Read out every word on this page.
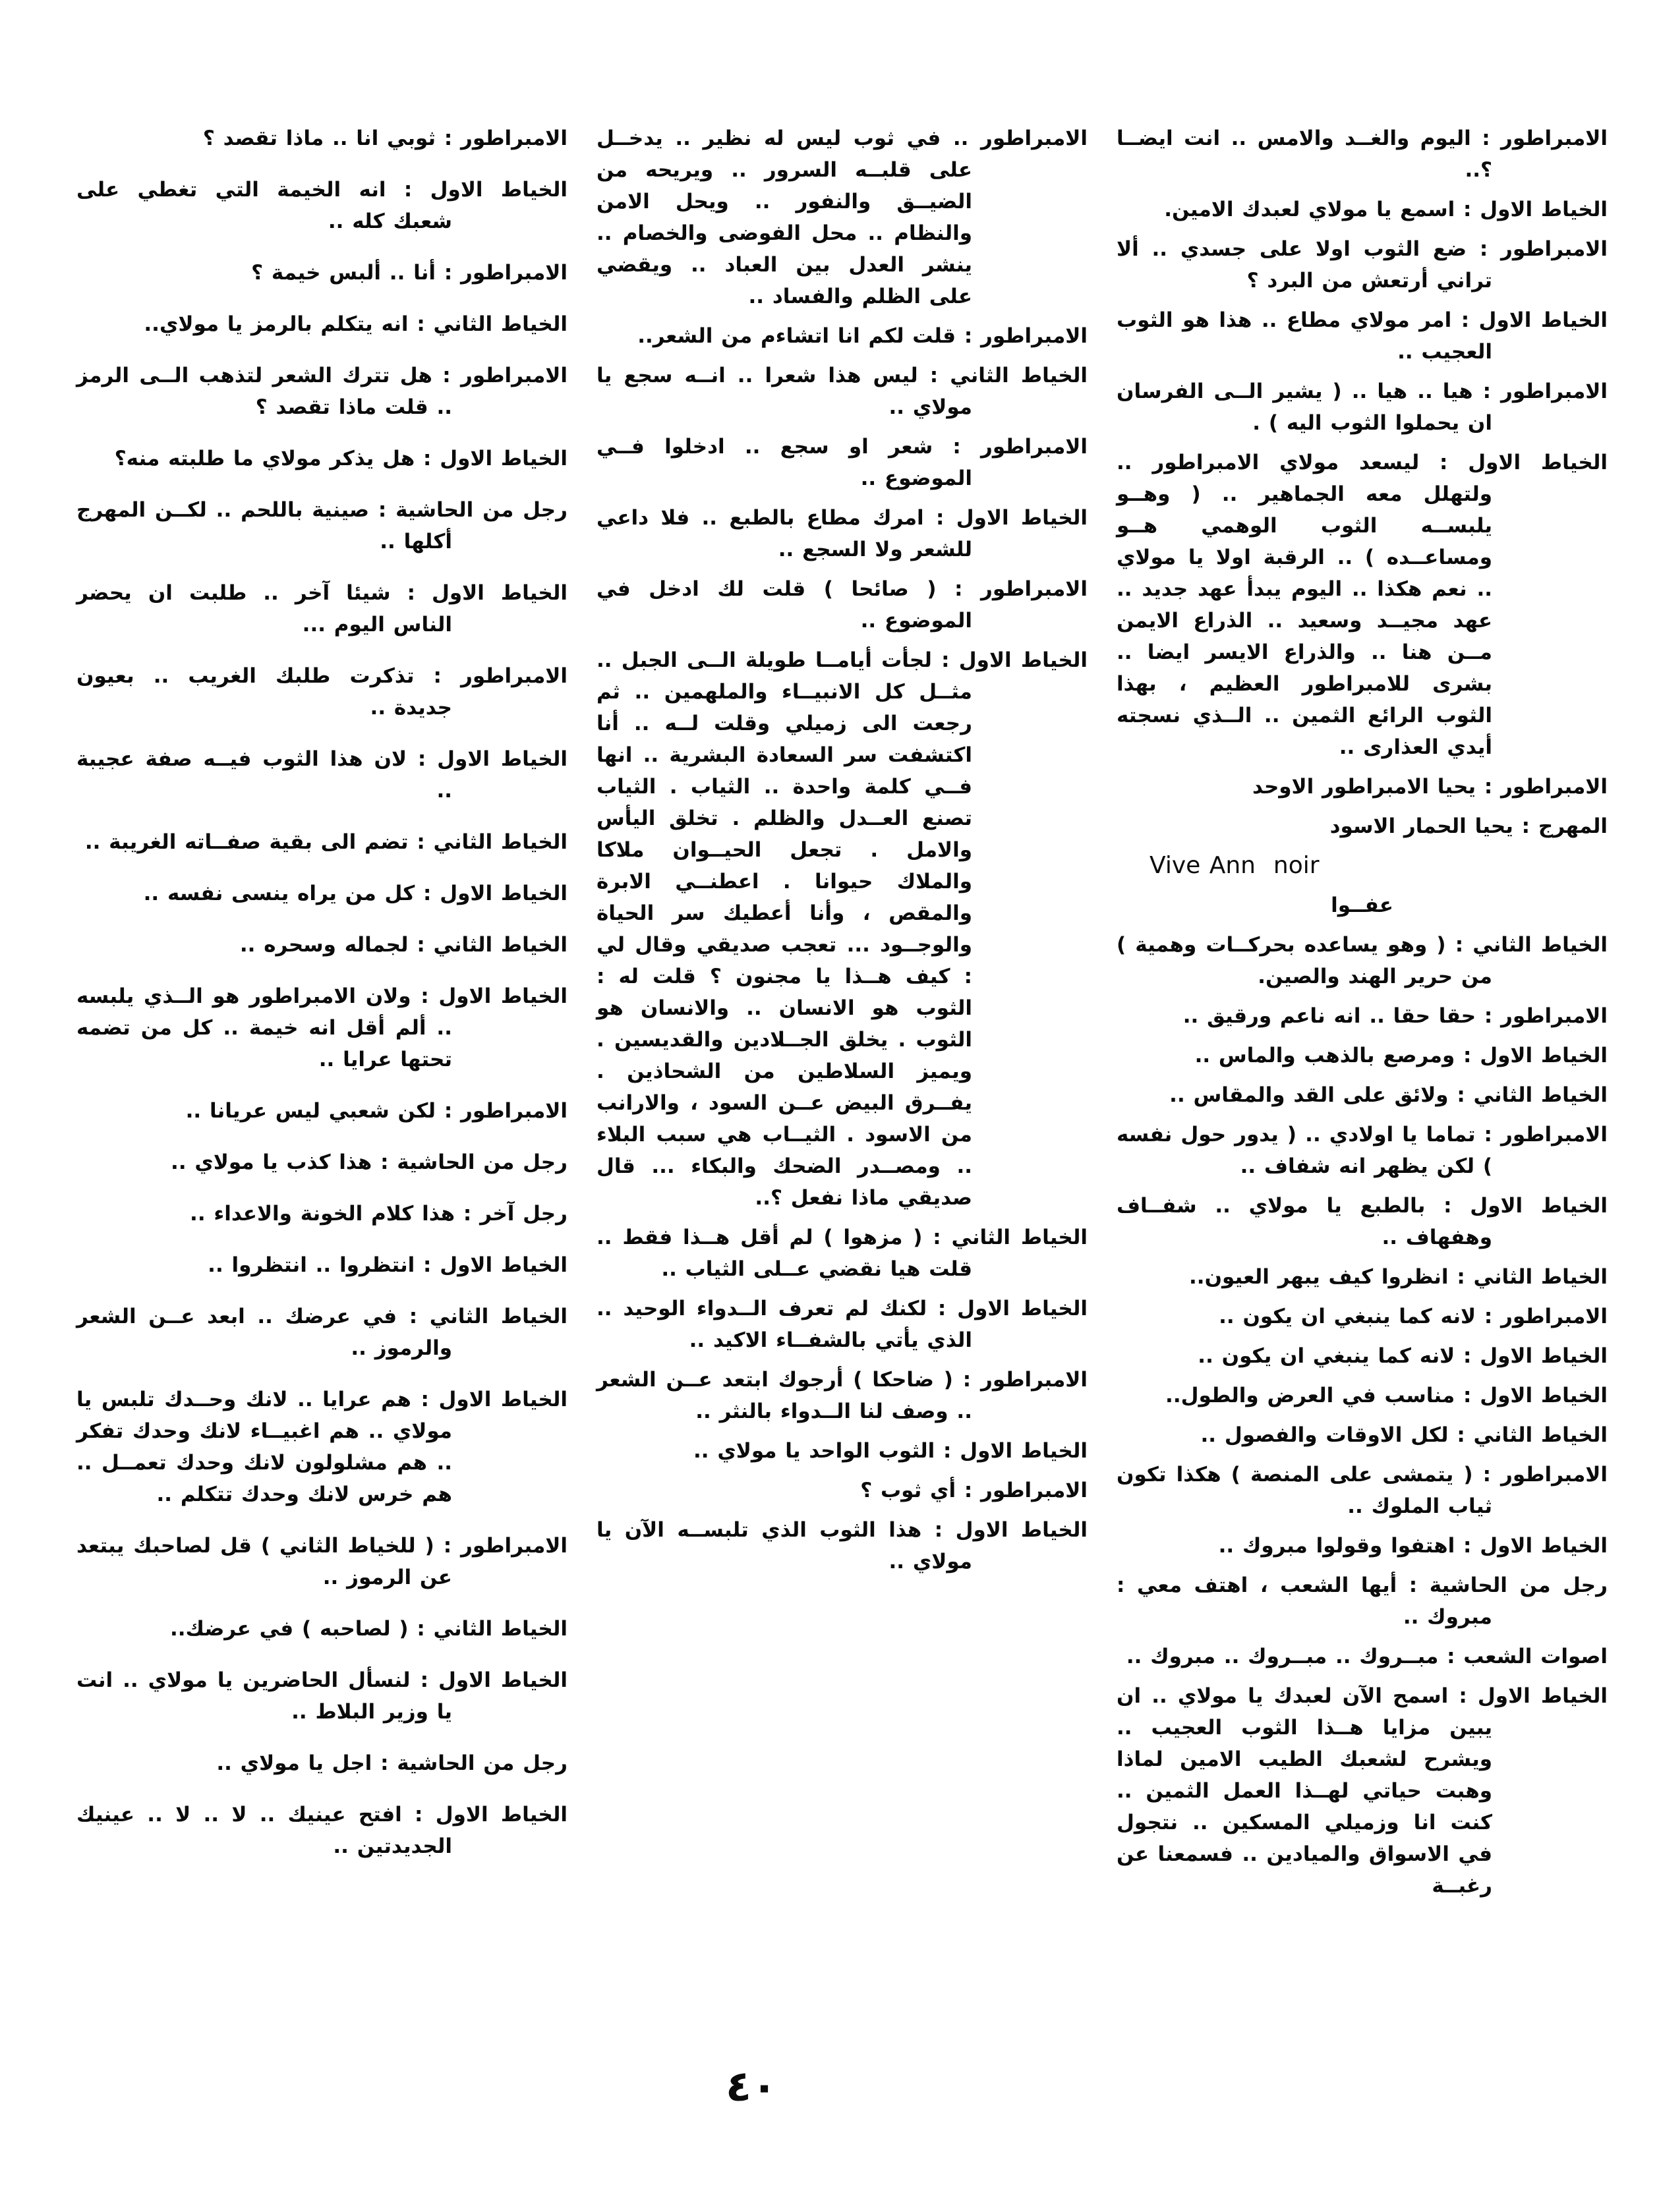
الامبراطور : اليوم والغــد والامس .. انت ايضــا ؟..

الخياط الاول : اسمع يا مولاي لعبدك الامين.

الامبراطور : ضع الثوب اولا على جسدي .. ألا تراني أرتعش من البرد ؟

الخياط الاول : امر مولاي مطاع .. هذا هو الثوب العجيب ..

الامبراطور : هيا .. هيا .. ( يشير الــى الفرسان ان يحملوا الثوب اليه ) .

الخياط الاول : ليسعد مولاي الامبراطور .. ولتهلل معه الجماهير .. ( وهــو يلبســه الثوب الوهمي هــو ومساعــده ) .. الرقبة اولا يا مولاي .. نعم هكذا .. اليوم يبدأ عهد جديد .. عهد مجيــد وسعيد .. الذراع الايمن مــن هنا .. والذراع الايسر ايضا .. بشرى للامبراطور العظيم ، بهذا الثوب الرائع الثمين .. الــذي نسجته أيدي العذارى ..

الامبراطور : يحيا الامبراطور الاوحد

المهرج : يحيا الحمار الاسود

Vive Ann  noir

عفــوا

الخياط الثاني : ( وهو يساعده بحركــات وهمية ) من حرير الهند والصين.

الامبراطور : حقا حقا .. انه ناعم ورقيق ..

الخياط الاول : ومرصع بالذهب والماس ..

الخياط الثاني : ولائق على القد والمقاس ..

الامبراطور : تماما يا اولادي .. ( يدور حول نفسه ) لكن يظهر انه شفاف ..

الخياط الاول : بالطبع يا مولاي .. شفــاف وهفهاف ..

الخياط الثاني : انظروا كيف يبهر العيون..

الامبراطور : لانه كما ينبغي ان يكون ..

الخياط الاول : لانه كما ينبغي ان يكون ..

الخياط الاول : مناسب في العرض والطول..

الخياط الثاني : لكل الاوقات والفصول ..

الامبراطور : ( يتمشى على المنصة ) هكذا تكون ثياب الملوك ..

الخياط الاول : اهتفوا وقولوا مبروك ..

رجل من الحاشية : أيها الشعب ، اهتف معي : مبروك ..

اصوات الشعب : مبــروك .. مبــروك .. مبروك ..

الخياط الاول : اسمح الآن لعبدك يا مولاي .. ان يبين مزايا هــذا الثوب العجيب .. ويشرح لشعبك الطيب الامين لماذا وهبت حياتي لهــذا العمل الثمين .. كنت انا وزميلي المسكين .. نتجول في الاسواق والميادين .. فسمعنا عن رغبــة

الامبراطور .. في ثوب ليس له نظير .. يدخــل على قلبــه السرور .. ويريحه من الضيــق والنفور .. ويحل الامن والنظام .. محل الفوضى والخصام .. ينشر العدل بين العباد .. ويقضي على الظلم والفساد ..

الامبراطور : قلت لكم انا اتشاءم من الشعر..

الخياط الثاني : ليس هذا شعرا .. انــه سجع يا مولاي ..

الامبراطور : شعر او سجع .. ادخلوا فــي الموضوع ..

الخياط الاول : امرك مطاع بالطبع .. فلا داعي للشعر ولا السجع ..

الامبراطور : ( صائحا ) قلت لك ادخل في الموضوع ..

الخياط الاول : لجأت أيامــا طويلة الــى الجبل .. مثــل كل الانبيــاء والملهمين .. ثم رجعت الى زميلي وقلت لــه .. أنا اكتشفت سر السعادة البشرية .. انها فــي كلمة واحدة .. الثياب . الثياب تصنع العــدل والظلم . تخلق اليأس والامل . تجعل الحيــوان ملاكا والملاك حيوانا . اعطنــي الابرة والمقص ، وأنا أعطيك سر الحياة والوجــود ... تعجب صديقي وقال لي : كيف هــذا يا مجنون ؟ قلت له : الثوب هو الانسان .. والانسان هو الثوب . يخلق الجــلادين والقديسين . ويميز السلاطين من الشحاذين . يفــرق البيض عــن السود ، والارانب من الاسود . الثيــاب هي سبب البلاء .. ومصــدر الضحك والبكاء ... قال صديقي ماذا نفعل ؟..

الخياط الثاني : ( مزهوا ) لم أقل هــذا فقط .. قلت هيا نقضي عــلى الثياب ..

الخياط الاول : لكنك لم تعرف الــدواء الوحيد .. الذي يأتي بالشفــاء الاكيد ..

الامبراطور : ( ضاحكا ) أرجوك ابتعد عــن الشعر .. وصف لنا الــدواء بالنثر ..

الخياط الاول : الثوب الواحد يا مولاي ..

الامبراطور : أي ثوب ؟

الخياط الاول : هذا الثوب الذي تلبســه الآن يا مولاي ..

الامبراطور : ثوبي انا .. ماذا تقصد ؟

الخياط الاول : انه الخيمة التي تغطي على شعبك كله ..

الامبراطور : أنا .. ألبس خيمة ؟

الخياط الثاني : انه يتكلم بالرمز يا مولاي..

الامبراطور : هل تترك الشعر لتذهب الــى الرمز .. قلت ماذا تقصد ؟

الخياط الاول : هل يذكر مولاي ما طلبته منه؟

رجل من الحاشية : صينية باللحم .. لكــن المهرج أكلها ..

الخياط الاول : شيئا آخر .. طلبت ان يحضر الناس اليوم ...

الامبراطور : تذكرت طلبك الغريب .. بعيون جديدة ..

الخياط الاول : لان هذا الثوب فيــه صفة عجيبة ..

الخياط الثاني : تضم الى بقية صفــاته الغريبة ..

الخياط الاول : كل من يراه ينسى نفسه ..

الخياط الثاني : لجماله وسحره ..

الخياط الاول : ولان الامبراطور هو الــذي يلبسه .. ألم أقل انه خيمة .. كل من تضمه تحتها عرايا ..

الامبراطور : لكن شعبي ليس عريانا ..

رجل من الحاشية : هذا كذب يا مولاي ..

رجل آخر : هذا كلام الخونة والاعداء ..

الخياط الاول : انتظروا .. انتظروا ..

الخياط الثاني : في عرضك .. ابعد عــن الشعر والرموز ..

الخياط الاول : هم عرايا .. لانك وحــدك تلبس يا مولاي .. هم اغبيــاء لانك وحدك تفكر .. هم مشلولون لانك وحدك تعمــل .. هم خرس لانك وحدك تتكلم ..

الامبراطور : ( للخياط الثاني ) قل لصاحبك يبتعد عن الرموز ..

الخياط الثاني : ( لصاحبه ) في عرضك..

الخياط الاول : لنسأل الحاضرين يا مولاي .. انت يا وزير البلاط ..

رجل من الحاشية : اجل يا مولاي ..

الخياط الاول : افتح عينيك .. لا .. لا .. عينيك الجديدتين ..

٤٠
